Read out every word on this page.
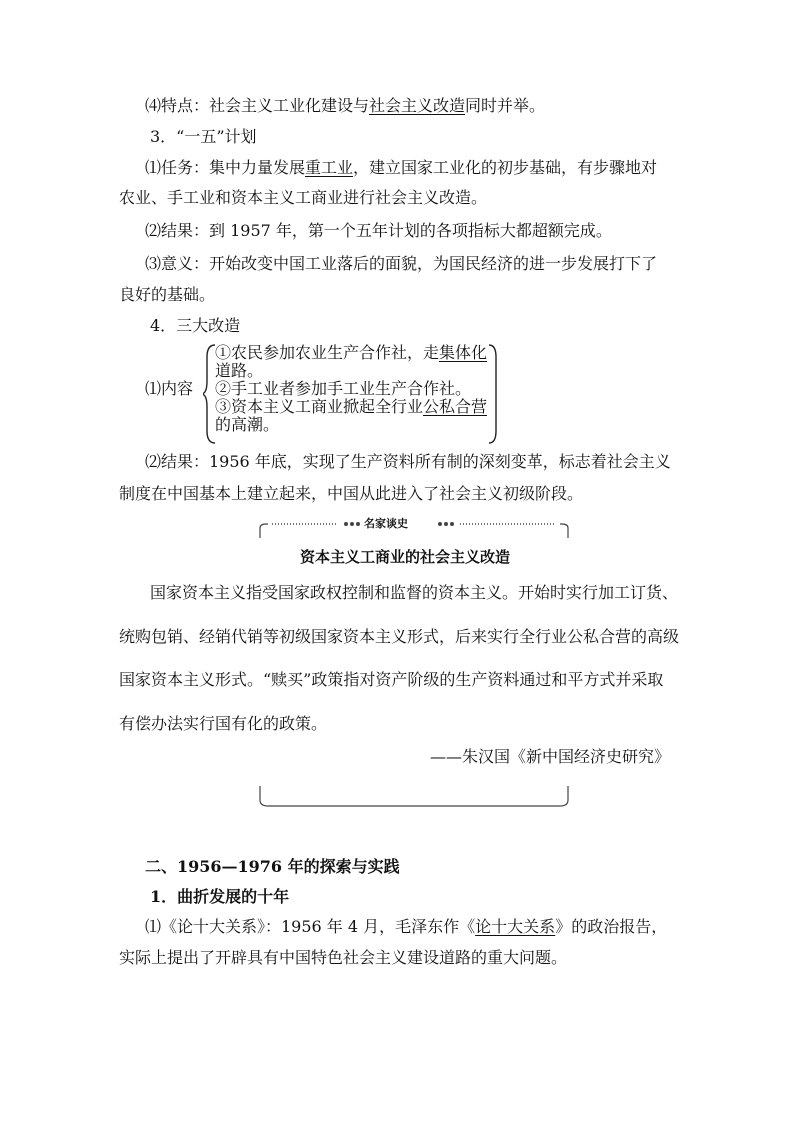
⑷特点：社会主义工业化建设与社会主义改造同时并举。
3．“一五”计划
⑴任务：集中力量发展重工业，建立国家工业化的初步基础，有步骤地对
农业、手工业和资本主义工商业进行社会主义改造。
⑵结果：到 1957 年，第一个五年计划的各项指标大都超额完成。
⑶意义：开始改变中国工业落后的面貌，为国民经济的进一步发展打下了
良好的基础。
4．三大改造
⑴内容
①农民参加农业生产合作社，走集体化
道路。
②手工业者参加手工业生产合作社。
③资本主义工商业掀起全行业公私合营
的高潮。
⑵结果：1956 年底，实现了生产资料所有制的深刻变革，标志着社会主义
制度在中国基本上建立起来，中国从此进入了社会主义初级阶段。
名家谈史
资本主义工商业的社会主义改造
国家资本主义指受国家政权控制和监督的资本主义。开始时实行加工订货、
统购包销、经销代销等初级国家资本主义形式，后来实行全行业公私合营的高级
国家资本主义形式。“赎买”政策指对资产阶级的生产资料通过和平方式并采取
有偿办法实行国有化的政策。
——朱汉国《新中国经济史研究》
二、1956—1976 年的探索与实践
1．曲折发展的十年
⑴《论十大关系》：1956 年 4 月，毛泽东作《论十大关系》的政治报告，
实际上提出了开辟具有中国特色社会主义建设道路的重大问题。
